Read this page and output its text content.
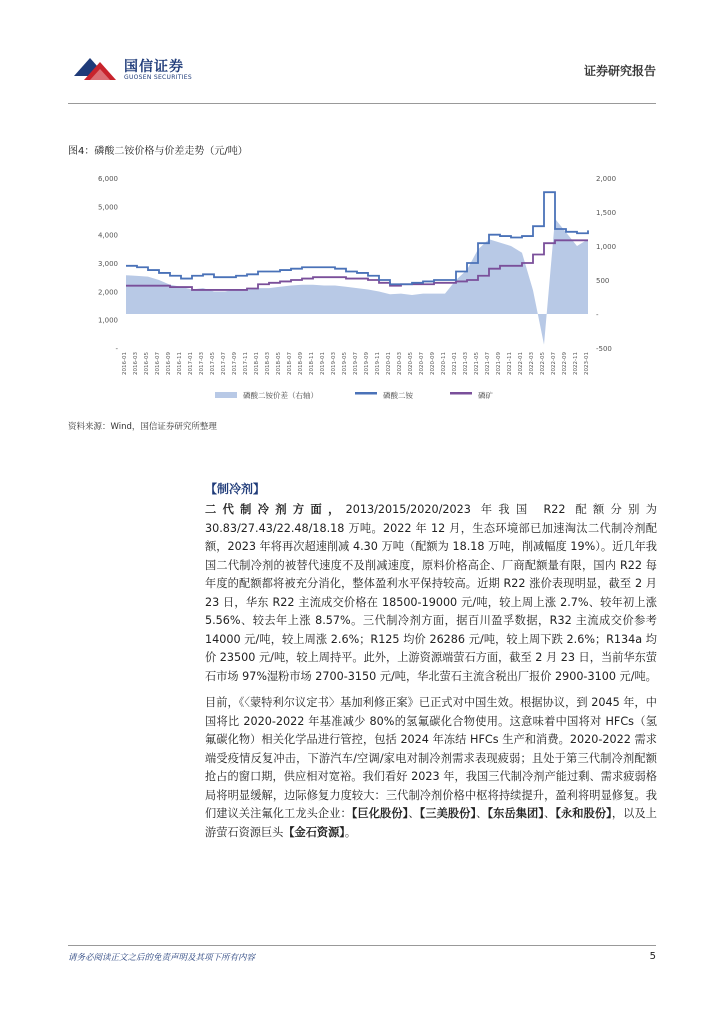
国信证券
GUOSEN SECURITIES	证券研究报告
图4：磷酸二铵价格与价差走势（元/吨）
6,000
5,000
4,000
3,000
2,000
1,000
-
2,000
1,500
1,000
500
-
-500
2016-01 2016-03 2016-05 2016-07 2016-09 2016-11 2017-01 2017-03 2017-05 2017-07 2017-09 2017-11 2018-01 2018-03 2018-05 2018-07 2018-09 2018-11 2019-01 2019-03 2019-05 2019-07 2019-09 2019-11 2020-01 2020-03 2020-05 2020-07 2020-09 2020-11 2021-01 2021-03 2021-05 2021-07 2021-09 2021-11 2022-01 2022-03 2022-05 2022-07 2022-09 2022-11 2023-01
磷酸二铵价差（右轴）	磷酸二铵	磷矿
资料来源：Wind，国信证券研究所整理
【制冷剂】

二代制冷剂方面，2013/2015/2020/2023 年我国 R22 配额分别为 30.83/27.43/22.48/18.18 万吨。2022 年 12 月，生态环境部已加速淘汰二代制冷剂配额，2023 年将再次超速削减 4.30 万吨（配额为 18.18 万吨，削减幅度 19%）。近几年我国二代制冷剂的被替代速度不及削减速度，原料价格高企、厂商配额量有限，国内 R22 每年度的配额都将被充分消化，整体盈利水平保持较高。近期 R22 涨价表现明显，截至 2 月 23 日，华东 R22 主流成交价格在 18500-19000 元/吨，较上周上涨 2.7%、较年初上涨 5.56%、较去年上涨 8.57%。三代制冷剂方面，据百川盈孚数据，R32 主流成交价参考 14000 元/吨，较上周涨 2.6%；R125 均价 26286 元/吨，较上周下跌 2.6%；R134a 均价 23500 元/吨，较上周持平。此外，上游资源端萤石方面，截至 2 月 23 日，当前华东萤石市场 97%湿粉市场 2700-3150 元/吨，华北萤石主流含税出厂报价 2900-3100 元/吨。

目前，《〈蒙特利尔议定书〉基加利修正案》已正式对中国生效。根据协议，到 2045 年，中国将比 2020-2022 年基准减少 80%的氢氟碳化合物使用。这意味着中国将对 HFCs（氢氟碳化物）相关化学品进行管控，包括 2024 年冻结 HFCs 生产和消费。2020-2022 需求端受疫情反复冲击，下游汽车/空调/家电对制冷剂需求表现疲弱；且处于第三代制冷剂配额抢占的窗口期，供应相对宽裕。我们看好 2023 年，我国三代制冷剂产能过剩、需求疲弱格局将明显缓解，边际修复力度较大：三代制冷剂价格中枢将持续提升，盈利将明显修复。我们建议关注氟化工龙头企业：【巨化股份】、【三美股份】、【东岳集团】、【永和股份】，以及上游萤石资源巨头【金石资源】。

请务必阅读正文之后的免责声明及其项下所有内容	5
